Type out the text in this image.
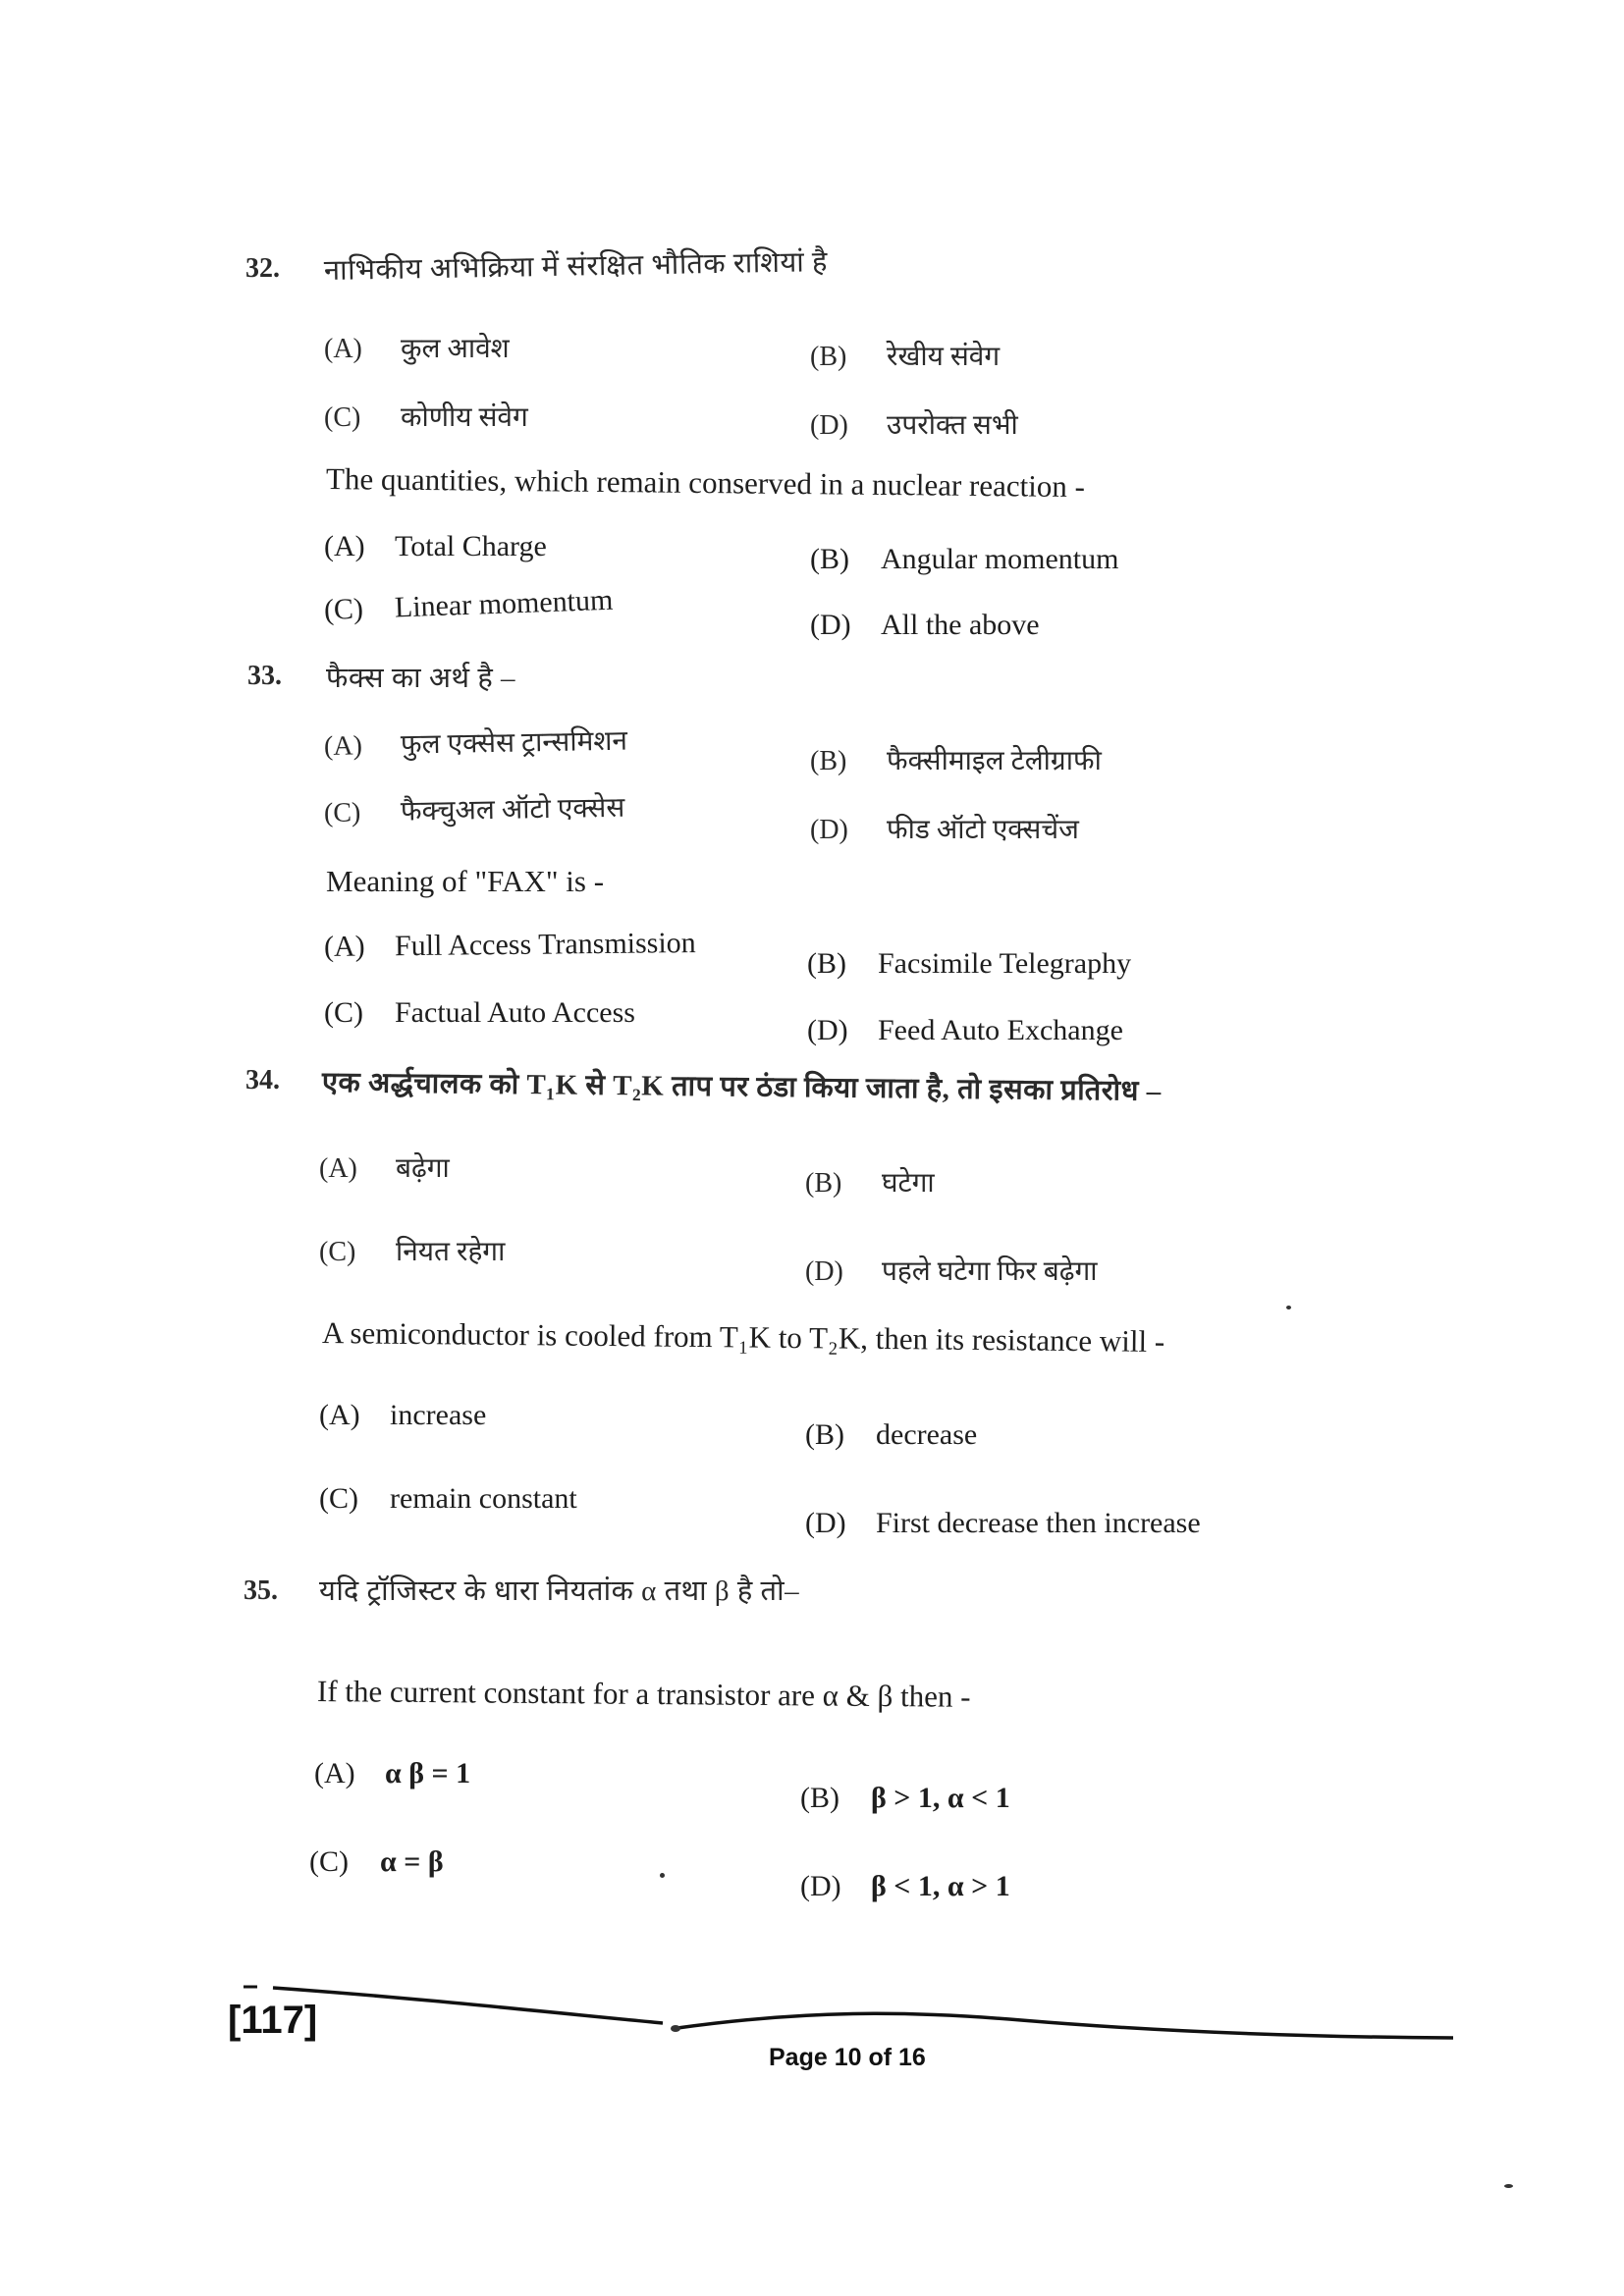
32. नाभिकीय अभिक्रिया में संरक्षित भौतिक राशियां है
(A) कुल आवेश	(B) रेखीय संवेग
(C) कोणीय संवेग	(D) उपरोक्त सभी
The quantities, which remain conserved in a nuclear reaction -
(A) Total Charge	(B) Angular momentum
(C) Linear momentum
(D) All the above
33. फैक्स का अर्थ है –
(A) फुल एक्सेस ट्रान्समिशन
(B) फैक्सीमाइल टेलीग्राफी
(C) फैक्चुअल ऑटो एक्सेस
(D) फीड ऑटो एक्सचेंज
Meaning of "FAX" is -
(A) Full Access Transmission
(B) Facsimile Telegraphy
(C) Factual Auto Access
(D) Feed Auto Exchange
34. एक अर्द्धचालक को T₁K से T₂K ताप पर ठंडा किया जाता है, तो इसका प्रतिरोध –
(A) बढ़ेगा	(B) घटेगा
(C) नियत रहेगा
(D) पहले घटेगा फिर बढ़ेगा
A semiconductor is cooled from T₁K to T₂K, then its resistance will -
(A) increase
(B) decrease
(C) remain constant
(D) First decrease then increase
35. यदि ट्रॉजिस्टर के धारा नियतांक α तथा β है तो–
If the current constant for a transistor are α & β then -
(A) α β = 1
(B) β > 1, α < 1
(C) α = β
(D) β < 1, α > 1
[117]
Page 10 of 16
